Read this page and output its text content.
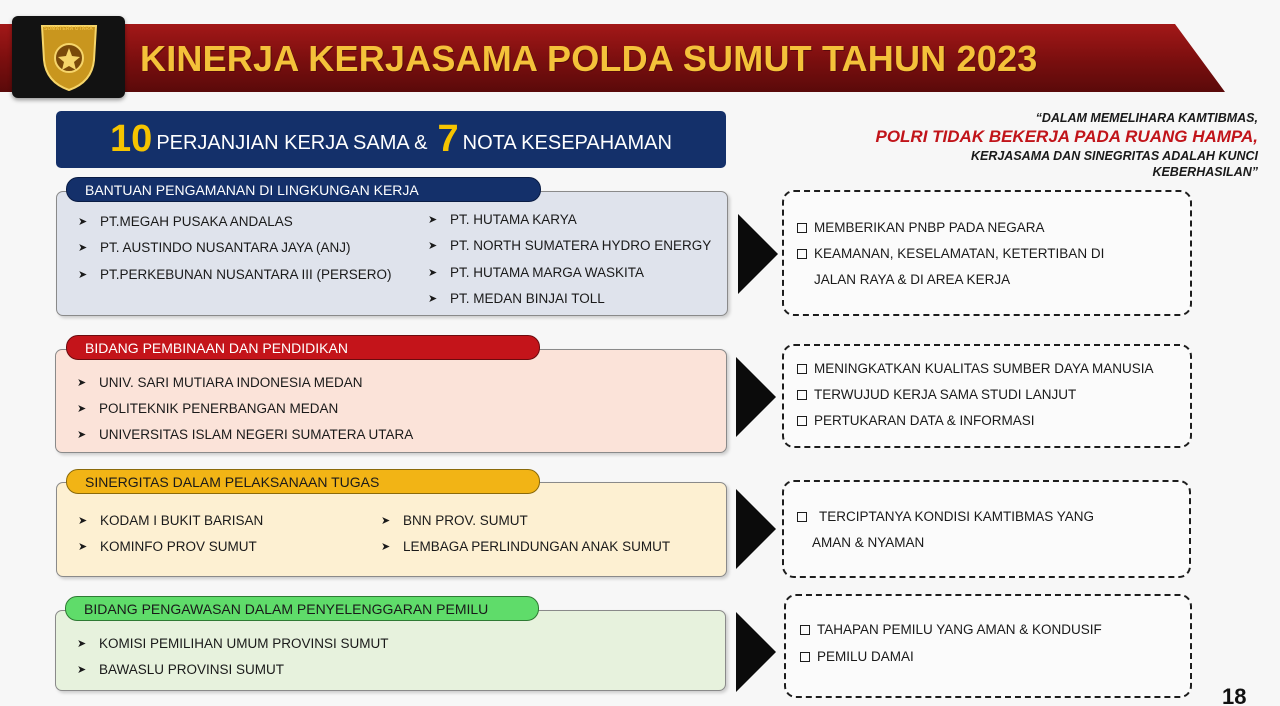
SUMATERA UTARA
KINERJA KERJASAMA POLDA SUMUT TAHUN 2023
10 PERJANJIAN KERJA SAMA & 7 NOTA KESEPAHAMAN
“DALAM MEMELIHARA KAMTIBMAS,
POLRI TIDAK BEKERJA PADA RUANG HAMPA,
KERJASAMA DAN SINEGRITAS ADALAH KUNCI
KEBERHASILAN”
BANTUAN PENGAMANAN DI LINGKUNGAN KERJA
➤ PT.MEGAH PUSAKA ANDALAS
➤ PT. AUSTINDO NUSANTARA JAYA (ANJ)
➤ PT.PERKEBUNAN NUSANTARA III (PERSERO)
➤ PT. HUTAMA KARYA
➤ PT. NORTH SUMATERA HYDRO ENERGY
➤ PT. HUTAMA MARGA WASKITA
➤ PT. MEDAN BINJAI TOLL
MEMBERIKAN PNBP PADA NEGARA
KEAMANAN, KESELAMATAN, KETERTIBAN DI
JALAN RAYA & DI AREA KERJA
BIDANG PEMBINAAN DAN PENDIDIKAN
➤ UNIV. SARI MUTIARA INDONESIA MEDAN
➤ POLITEKNIK PENERBANGAN MEDAN
➤ UNIVERSITAS ISLAM NEGERI SUMATERA UTARA
MENINGKATKAN KUALITAS SUMBER DAYA MANUSIA
TERWUJUD KERJA SAMA STUDI LANJUT
PERTUKARAN DATA & INFORMASI
SINERGITAS DALAM PELAKSANAAN TUGAS
➤ KODAM I BUKIT BARISAN
➤ KOMINFO PROV SUMUT
➤ BNN PROV. SUMUT
➤ LEMBAGA PERLINDUNGAN ANAK SUMUT
TERCIPTANYA KONDISI KAMTIBMAS YANG
AMAN & NYAMAN
BIDANG PENGAWASAN DALAM PENYELENGGARAN PEMILU
➤ KOMISI PEMILIHAN UMUM PROVINSI SUMUT
➤ BAWASLU PROVINSI SUMUT
TAHAPAN PEMILU YANG AMAN & KONDUSIF
PEMILU DAMAI
18
